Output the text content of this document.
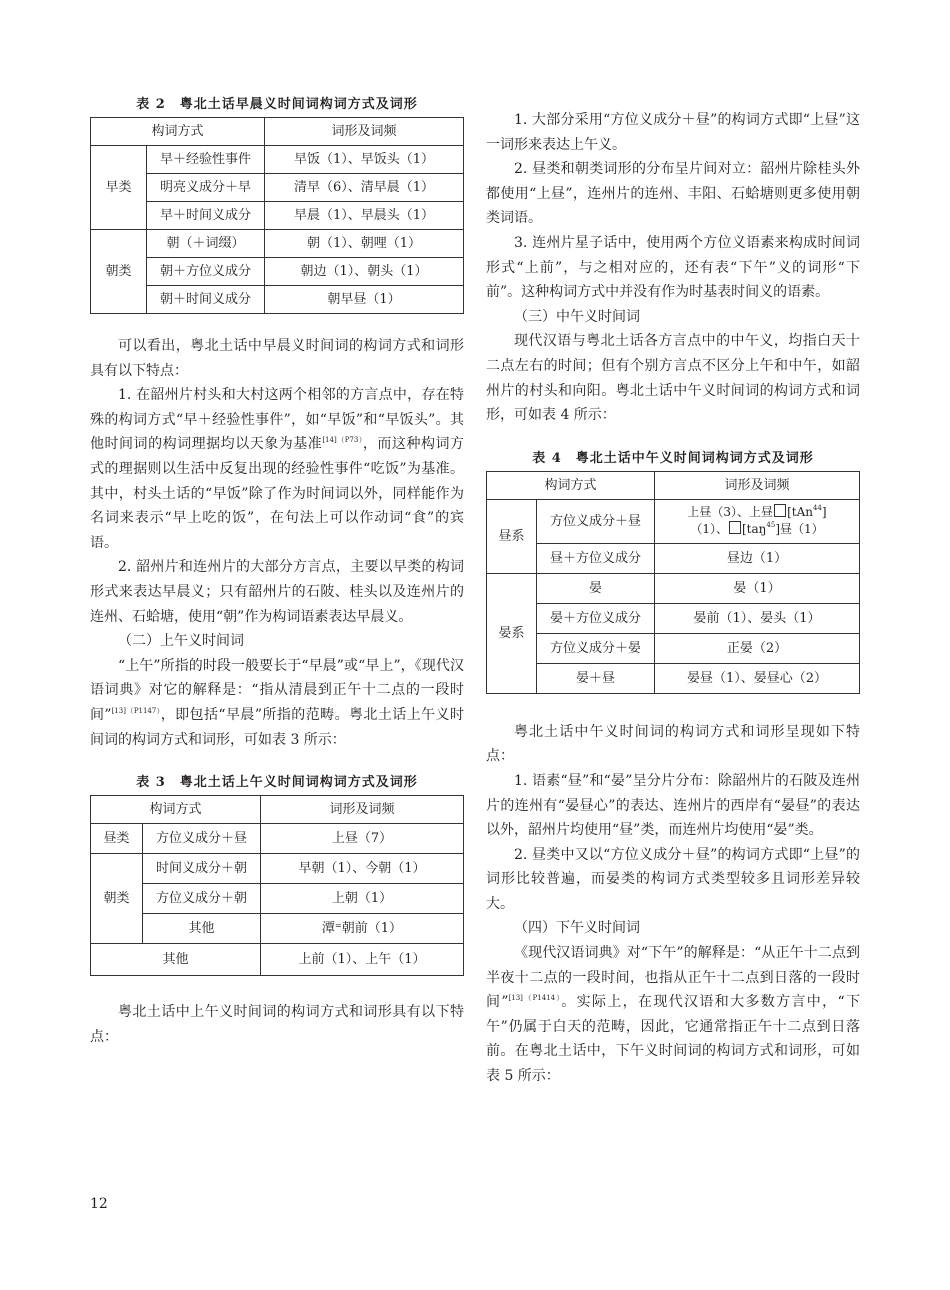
表 2　粤北土话早晨义时间词构词方式及词形
构词方式		词形及词频
早类	早＋经验性事件	早饭（1）、早饭头（1）
	明亮义成分＋早	清早（6）、清早晨（1）
	早＋时间义成分	早晨（1）、早晨头（1）
朝类	朝（＋词缀）	朝（1）、朝哩（1）
	朝＋方位义成分	朝边（1）、朝头（1）
	朝＋时间义成分	朝早昼（1）

可以看出，粤北土话中早晨义时间词的构词方式和词形具有以下特点：

1. 在韶州片村头和大村这两个相邻的方言点中，存在特殊的构词方式“早＋经验性事件”，如“早饭”和“早饭头”。其他时间词的构词理据均以天象为基准$^{[14](P73)}$，而这种构词方式的理据则以生活中反复出现的经验性事件“吃饭”为基准。其中，村头土话的“早饭”除了作为时间词以外，同样能作为名词来表示“早上吃的饭”，在句法上可以作动词“食”的宾语。

2. 韶州片和连州片的大部分方言点，主要以早类的构词形式来表达早晨义；只有韶州片的石陂、桂头以及连州片的连州、石蛤塘，使用“朝”作为构词语素表达早晨义。

（二）上午义时间词

“上午”所指的时段一般要长于“早晨”或“早上”，《现代汉语词典》对它的解释是：“指从清晨到正午十二点的一段时间”$^{[13](P1147)}$，即包括“早晨”所指的范畴。粤北土话上午义时间词的构词方式和词形，可如表 3 所示：

表 3　粤北土话上午义时间词构词方式及词形
构词方式		词形及词频
昼类	方位义成分＋昼	上昼（7）
朝类	时间义成分＋朝	早朝（1）、今朝（1）
	方位义成分＋朝	上朝（1）
	其他	潭⁼朝前（1）
其他		上前（1）、上午（1）

粤北土话中上午义时间词的构词方式和词形具有以下特点：

1. 大部分采用“方位义成分＋昼”的构词方式即“上昼”这一词形来表达上午义。

2. 昼类和朝类词形的分布呈片间对立：韶州片除桂头外都使用“上昼”，连州片的连州、丰阳、石蛤塘则更多使用朝类词语。

3. 连州片星子话中，使用两个方位义语素来构成时间词形式“上前”，与之相对应的，还有表“下午”义的词形“下前”。这种构词方式中并没有作为时基表时间义的语素。

（三）中午义时间词

现代汉语与粤北土话各方言点中的中午义，均指白天十二点左右的时间；但有个别方言点不区分上午和中午，如韶州片的村头和向阳。粤北土话中午义时间词的构词方式和词形，可如表 4 所示：

表 4　粤北土话中午义时间词构词方式及词形
构词方式		词形及词频
昼系	方位义成分＋昼	上昼（3）、上昼 [tAn$^{44}$]
（1）、 [taŋ$^{45}$]昼（1）
	昼＋方位义成分	昼边（1）
晏系	晏	晏（1）
	晏＋方位义成分	晏前（1）、晏头（1）
	方位义成分＋晏	正晏（2）
	晏＋昼	晏昼（1）、晏昼心（2）

粤北土话中午义时间词的构词方式和词形呈现如下特点：

1. 语素“昼”和“晏”呈分片分布：除韶州片的石陂及连州片的连州有“晏昼心”的表达、连州片的西岸有“晏昼”的表达以外，韶州片均使用“昼”类，而连州片均使用“晏”类。

2. 昼类中又以“方位义成分＋昼”的构词方式即“上昼”的词形比较普遍，而晏类的构词方式类型较多且词形差异较大。

（四）下午义时间词

《现代汉语词典》对“下午”的解释是：“从正午十二点到半夜十二点的一段时间，也指从正午十二点到日落的一段时间”$^{[13](P1414)}$。实际上，在现代汉语和大多数方言中，“下午”仍属于白天的范畴，因此，它通常指正午十二点到日落前。在粤北土话中，下午义时间词的构词方式和词形，可如表 5 所示：

12
